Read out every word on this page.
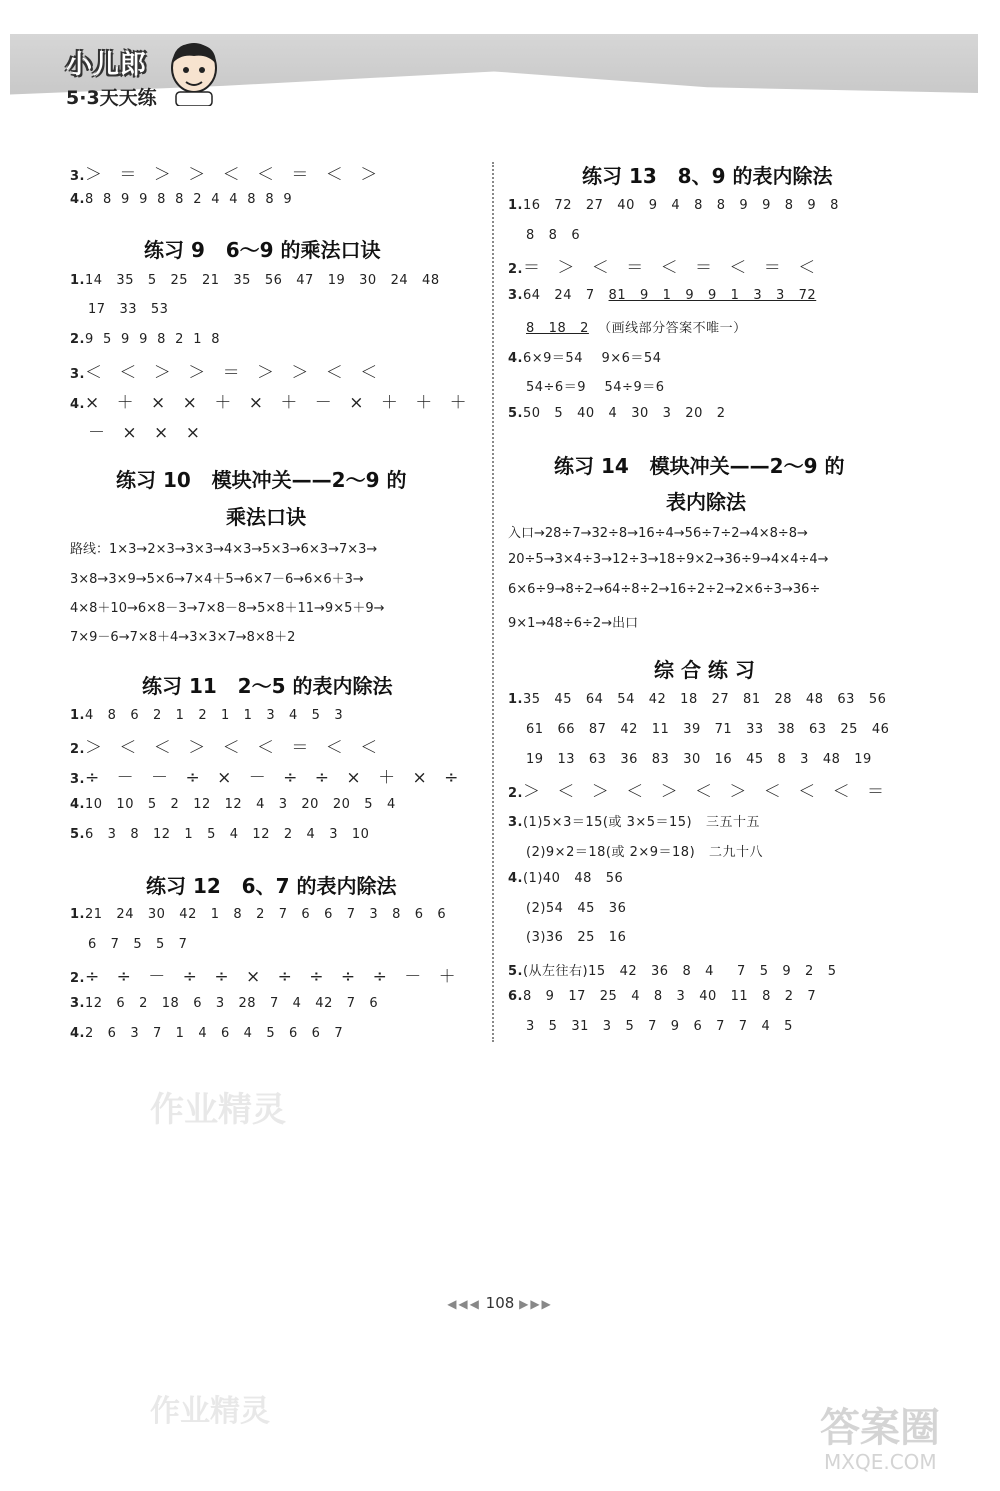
小儿郎
5·3天天练
3.＞ ＝ ＞ ＞ ＜ ＜ ＝ ＜ ＞
4.8  8  9  9  8  8  2  4  4  8  8  9
练习 9   6～9 的乘法口诀
1.14   35   5   25   21   35   56   47   19   30   24   48
17   33   53
2.9  5  9  9  8  2  1  8
3.＜ ＜ ＞ ＞ ＝ ＞ ＞ ＜ ＜
4.× ＋ × × ＋ × ＋ － × ＋ ＋ ＋
－ × × ×
练习 10   模块冲关——2～9 的
乘法口诀
路线：1×3→2×3→3×3→4×3→5×3→6×3→7×3→
3×8→3×9→5×6→7×4＋5→6×7－6→6×6＋3→
4×8＋10→6×8－3→7×8－8→5×8＋11→9×5＋9→
7×9－6→7×8＋4→3×3×7→8×8＋2
练习 11   2～5 的表内除法
1.4   8   6   2   1   2   1   1   3   4   5   3
2.＞ ＜ ＜ ＞ ＜ ＜ ＝ ＜ ＜
3.÷ － － ÷ × － ÷ ÷ × ＋ × ÷
4.10   10   5   2   12   12   4   3   20   20   5   4
5.6   3   8   12   1   5   4   12   2   4   3   10
练习 12   6、7 的表内除法
1.21   24   30   42   1   8   2   7   6   6   7   3   8   6   6
6   7   5   5   7
2.÷ ÷ － ÷ ÷ × ÷ ÷ ÷ ÷ － ＋
3.12   6   2   18   6   3   28   7   4   42   7   6
4.2   6   3   7   1   4   6   4   5   6   6   7
练习 13   8、9 的表内除法
1.16   72   27   40   9   4   8   8   9   9   8   9   8
8   8   6
2.＝ ＞ ＜ ＝ ＜ ＝ ＜ ＝ ＜
3.64   24   7 81   9   1   9   9   1   3   3   72
8   18   2 （画线部分答案不唯一）
4.6×9＝54    9×6＝54
54÷6＝9    54÷9＝6
5.50   5   40   4   30   3   20   2
练习 14   模块冲关——2～9 的
表内除法
入口→28÷7→32÷8→16÷4→56÷7÷2→4×8÷8→
20÷5→3×4÷3→12÷3→18÷9×2→36÷9→4×4÷4→
6×6÷9→8÷2→64÷8÷2→16÷2÷2→2×6÷3→36÷
9×1→48÷6÷2→出口
综 合 练 习
1.35   45   64   54   42   18   27   81   28   48   63   56
61   66   87   42   11   39   71   33   38   63   25   46
19   13   63   36   83   30   16   45   8   3   48   19
2.＞ ＜ ＞ ＜ ＞ ＜ ＞ ＜ ＜ ＜ ＝
3.(1)5×3＝15(或 3×5＝15)   三五十五
(2)9×2＝18(或 2×9＝18)   二九十八
4.(1)40   48   56
(2)54   45   36
(3)36   25   16
5.(从左往右)15   42   36   8   4     7   5   9   2   5
6.8   9   17   25   4   8   3   40   11   8   2   7
3   5   31   3   5   7   9   6   7   7   4   5
作业精灵
作业精灵	答案圈
MXQE.COM
◀◀◀ 108 ▶▶▶
